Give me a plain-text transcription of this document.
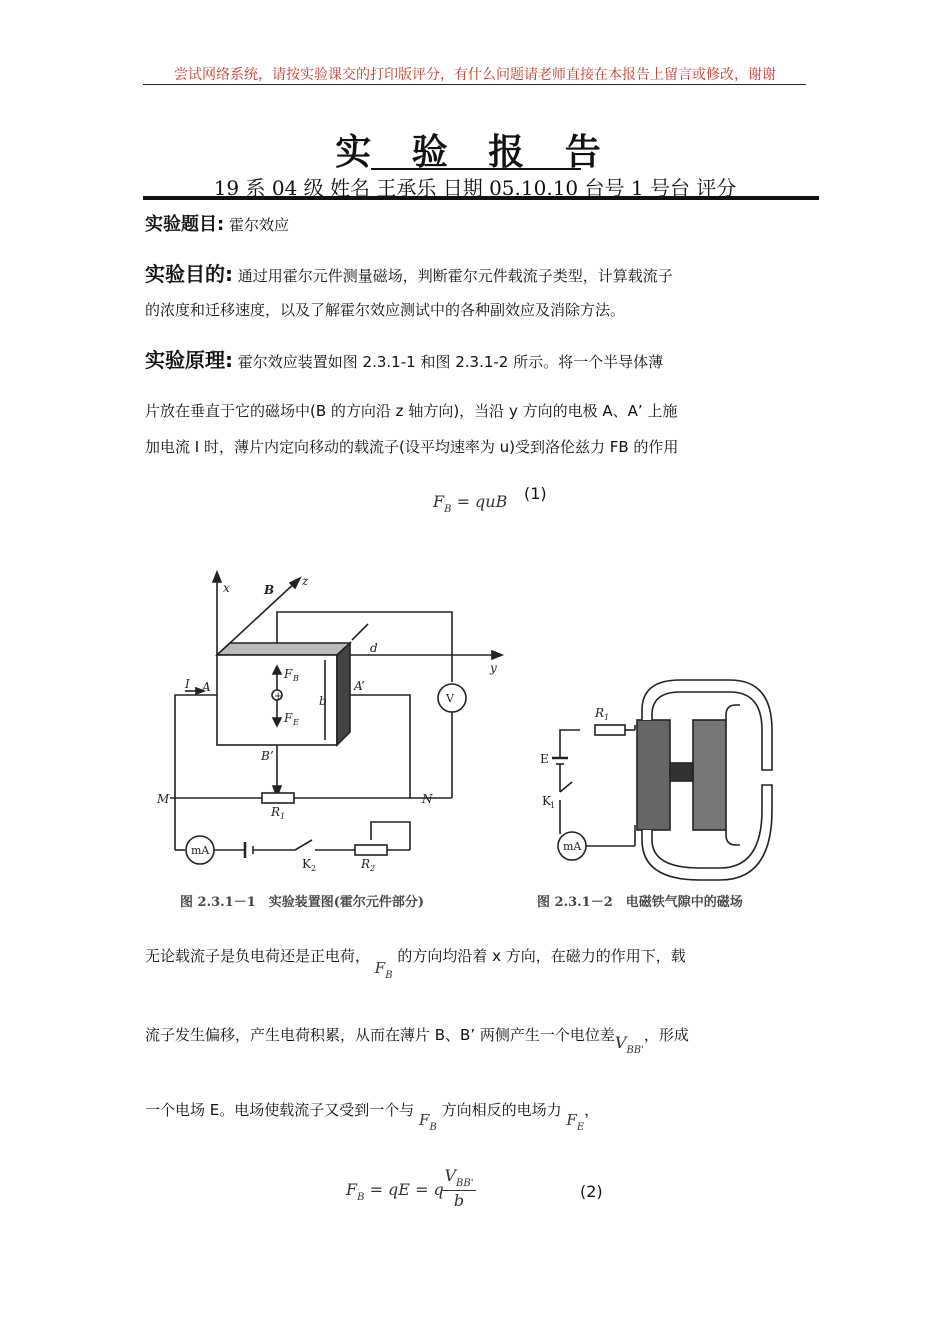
尝试网络系统，请按实验课交的打印版评分，有什么问题请老师直接在本报告上留言或修改，谢谢
实 验 报 告
19 系 04 级 姓名 王承乐 日期 05.10.10 台号 1 号台 评分
实验题目: 霍尔效应
实验目的: 通过用霍尔元件测量磁场，判断霍尔元件载流子类型，计算载流子
的浓度和迁移速度，以及了解霍尔效应测试中的各种副效应及消除方法。
实验原理: 霍尔效应装置如图 2.3.1-1 和图 2.3.1-2 所示。将一个半导体薄
片放在垂直于它的磁场中(B 的方向沿 z 轴方向)，当沿 y 方向的电极 A、A’ 上施
加电流 I 时，薄片内定向移动的载流子(设平均速率为 u)受到洛伦兹力 FB 的作用
$F_B$ = quB (1)
x
y
z
B
d
b
A	A’
B’
I
F B
F E
M	N
R 1
R 2
K 2
V
mA
+
E
K 1
R 1
mA
图 2.3.1－1　实验装置图(霍尔元件部分)	图 2.3.1－2　电磁铁气隙中的磁场
无论载流子是负电荷还是正电荷， $F_B$ 的方向均沿着 x 方向，在磁力的作用下，载
流子发生偏移，产生电荷积累，从而在薄片 B、B’ 两侧产生一个电位差$V_{BB'}$，形成
一个电场 E。电场使载流子又受到一个与 $F_B$ 方向相反的电场力 $F_E$，
$F_B$ = qE = q
$V_{BB'}$
b	(2)
